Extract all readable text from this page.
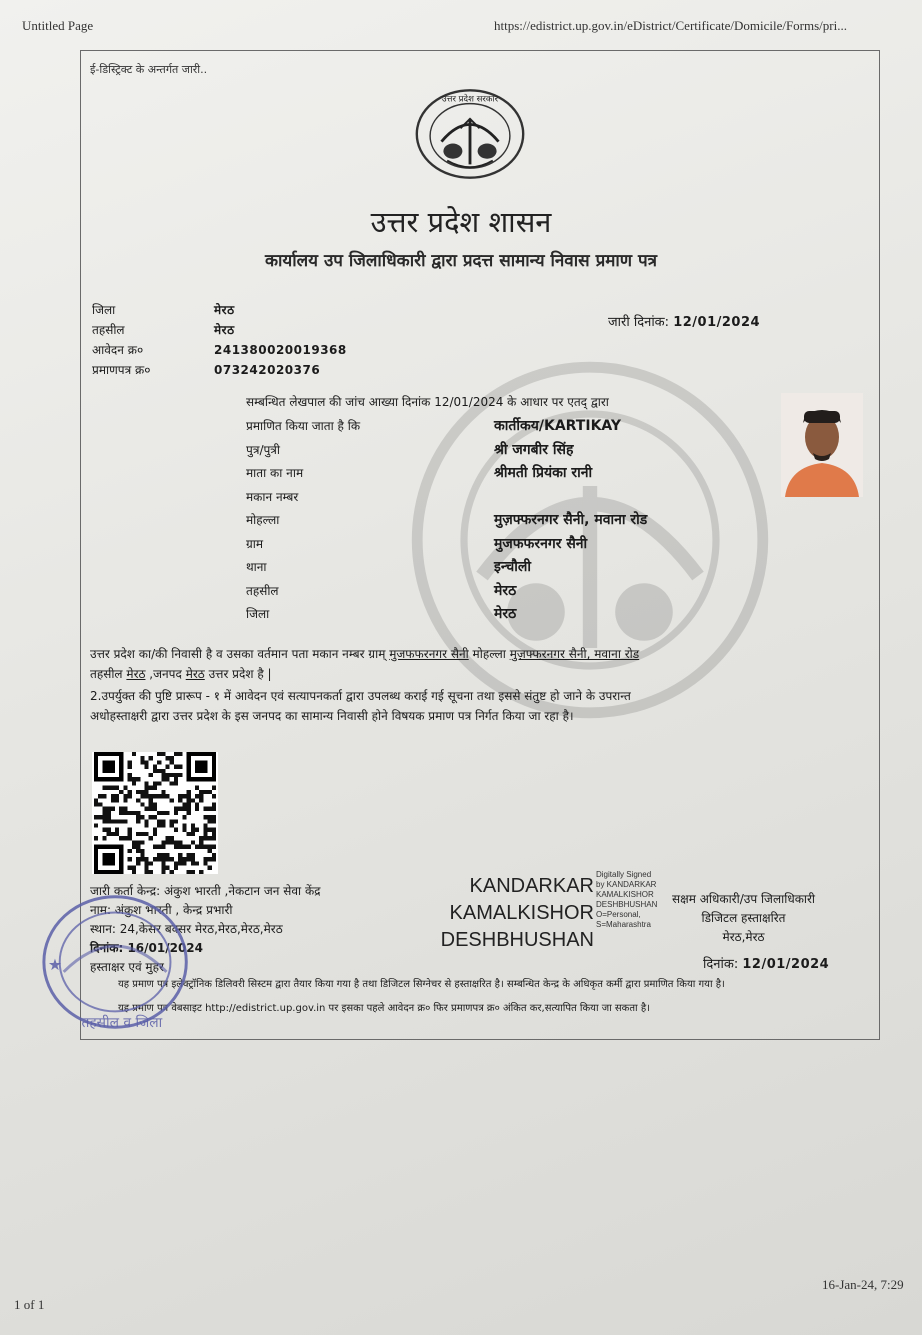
Untitled Page	https://edistrict.up.gov.in/eDistrict/Certificate/Domicile/Forms/pri...
ई-डिस्ट्रिक्ट के अन्तर्गत जारी..
उत्तर प्रदेश सरकार
उत्तर प्रदेश शासन
कार्यालय उप जिलाधिकारी द्वारा प्रदत्त सामान्य निवास प्रमाण पत्र
जिला	मेरठ
तहसील	मेरठ
आवेदन क्र०	241380020019368
प्रमाणपत्र क्र०	073242020376
जारी दिनांक: 12/01/2024
सम्बन्धित लेखपाल की जांच आख्या दिनांक 12/01/2024 के आधार पर एतद् द्वारा
प्रमाणित किया जाता है कि	कार्तीकय/KARTIKAY
पुत्र/पुत्री	श्री जगबीर सिंह
माता का नाम	श्रीमती प्रियंका रानी
मकान नम्बर
मोहल्ला	मुज़फ्फरनगर सैनी, मवाना रोड
ग्राम	मुजफफरनगर सैनी
थाना	इन्चौली
तहसील	मेरठ
जिला	मेरठ
उत्तर प्रदेश का/की निवासी है व उसका वर्तमान पता मकान नम्बर ग्राम् मुजफफरनगर सैनी मोहल्ला मुज़फ्फरनगर सैनी, मवाना रोड
तहसील मेरठ ,जनपद मेरठ उत्तर प्रदेश है |
2.उपर्युक्त की पुष्टि प्रारूप - १ में आवेदन एवं सत्यापनकर्ता द्वारा उपलब्ध कराई गई सूचना तथा इससे संतुष्ट हो जाने के उपरान्त
अधोहस्ताक्षरी द्वारा उत्तर प्रदेश के इस जनपद का सामान्य निवासी होने विषयक प्रमाण पत्र निर्गत किया जा रहा है।
जारी कर्ता केन्द्र: अंकुश भारती ,नेकटान जन सेवा केंद्र
नाम: अंकुश भारती , केन्द्र प्रभारी
स्थान: 24,केसर बक्सर मेरठ,मेरठ,मेरठ,मेरठ
दिनांक: 16/01/2024
हस्ताक्षर एवं मुहर
KANDARKAR
KAMALKISHOR
DESHBHUSHAN
Digitally Signed
by KANDARKAR
KAMALKISHOR
DESHBHUSHAN
O=Personal,
S=Maharashtra
सक्षम अधिकारी/उप जिलाधिकारी
डिजिटल हस्ताक्षरित
मेरठ,मेरठ
दिनांक: 12/01/2024
यह प्रमाण पत्र इलेक्ट्रॉनिक डिलिवरी सिस्टम द्वारा तैयार किया गया है तथा डिजिटल सिग्नेचर से हस्ताक्षरित है। सम्बन्धित केन्द्र के अधिकृत कर्मी द्वारा प्रमाणित किया गया है।
यह प्रमाण पत्र वेबसाइट http://edistrict.up.gov.in पर इसका पहले आवेदन क्र० फिर प्रमाणपत्र क्र० अंकित कर,सत्यापित किया जा सकता है।
तहसील व जिला
★
1 of 1
16-Jan-24, 7:29
